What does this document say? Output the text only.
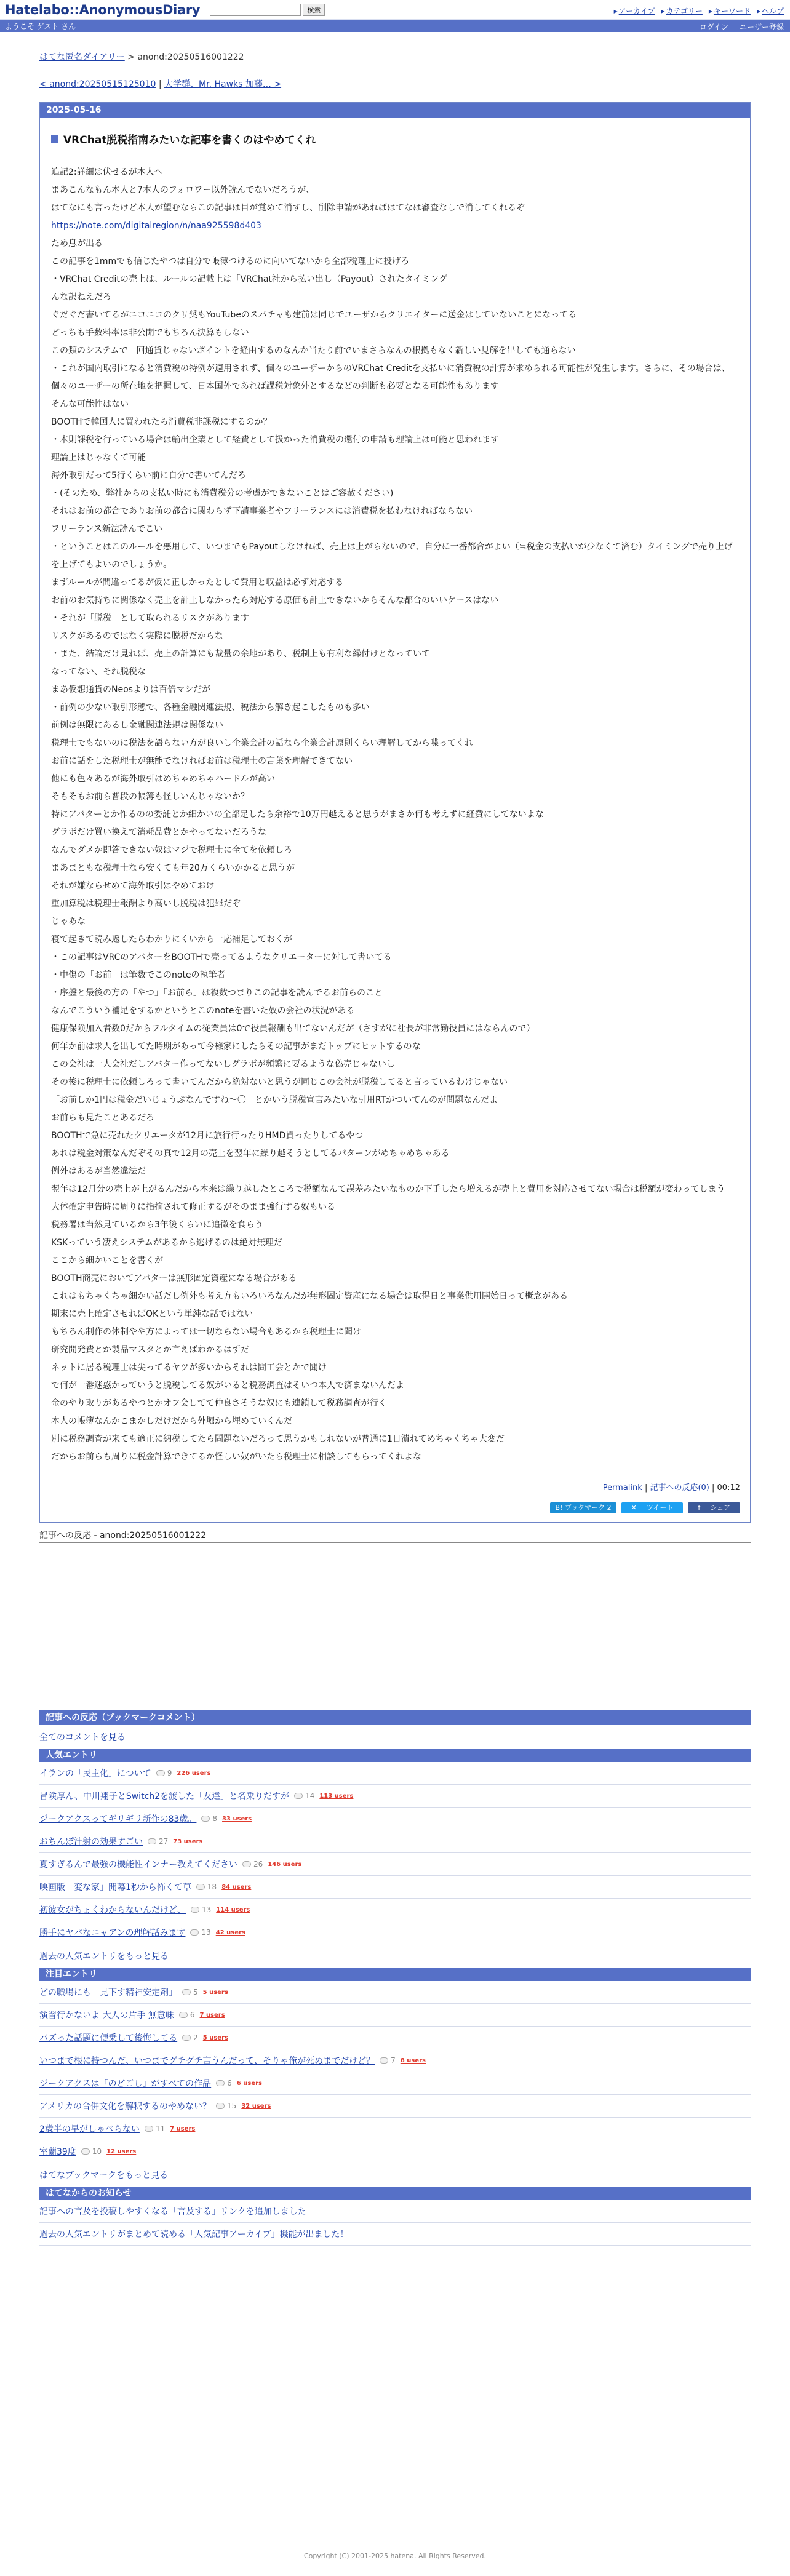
Hatelabo::AnonymousDiary	検索	▸ アーカイブ ▸ カテゴリー ▸ キーワード ▸ ヘルプ
ようこそ ゲスト さん	ログイン ユーザー登録
はてな匿名ダイアリー > anond:20250516001222
< anond:20250515125010 | 大学群、Mr. Hawks 加藤… >
2025-05-16
VRChat脱税指南みたいな記事を書くのはやめてくれ

追記2:詳細は伏せるが本人へ

まあこんなもん本人と7本人のフォロワー以外読んでないだろうが、

はてなにも言ったけど本人が望むならこの記事は目が覚めて消すし、削除申請があればはてなは審査なしで消してくれるぞ

https://note.com/digitalregion/n/naa925598d403

ため息が出る

この記事を1mmでも信じたやつは自分で帳簿つけるのに向いてないから全部税理士に投げろ

・VRChat Creditの売上は、ルールの記載上は「VRChat社から払い出し（Payout）されたタイミング」

んな訳ねえだろ

ぐだぐだ書いてるがニコニコのクリ奨もYouTubeのスパチャも建前は同じでユーザからクリエイターに送金はしていないことになってる

どっちも手数料率は非公開でもちろん決算もしない

この類のシステムで一回通貨じゃないポイントを経由するのなんか当たり前でいまさらなんの根拠もなく新しい見解を出しても通らない

・これが国内取引になると消費税の特例が適用されず、個々のユーザーからのVRChat Creditを支払いに消費税の計算が求められる可能性が発生します。さらに、その場合は、個々のユーザーの所在地を把握して、日本国外であれば課税対象外とするなどの判断も必要となる可能性もあります

そんな可能性はない

BOOTHで韓国人に買われたら消費税非課税にするのか？

・本則課税を行っている場合は輸出企業として経費として扱かった消費税の還付の申請も理論上は可能と思われます

理論上はじゃなくて可能

海外取引だって5行くらい前に自分で書いてんだろ

・(そのため、弊社からの支払い時にも消費税分の考慮ができないことはご容赦ください)

それはお前の都合でありお前の都合に関わらず下請事業者やフリーランスには消費税を払わなければならない

フリーランス新法読んでこい

・ということはこのルールを悪用して、いつまでもPayoutしなければ、売上は上がらないので、自分に一番都合がよい（≒税金の支払いが少なくて済む）タイミングで売り上げを上げてもよいのでしょうか。

まずルールが間違ってるが仮に正しかったとして費用と収益は必ず対応する

お前のお気持ちに関係なく売上を計上しなかったら対応する原価も計上できないからそんな都合のいいケースはない

・それが「脱税」として取られるリスクがあります

リスクがあるのではなく実際に脱税だからな

・また、結論だけ見れば、売上の計算にも裁量の余地があり、税制上も有利な繰付けとなっていて

なってない、それ脱税な

まあ仮想通貨のNeosよりは百倍マシだが

・前例の少ない取引形態で、各種金融関連法規、税法から解き起こしたものも多い

前例は無限にあるし金融関連法規は関係ない

税理士でもないのに税法を語らない方が良いし企業会計の話なら企業会計原則くらい理解してから喋ってくれ

お前に話をした税理士が無能でなければお前は税理士の言葉を理解できてない

他にも色々あるが海外取引はめちゃめちゃハードルが高い

そもそもお前ら普段の帳簿も怪しいんじゃないか？

特にアバターとか作るのの委託とか細かいの全部足したら余裕で10万円越えると思うがまさか何も考えずに経費にしてないよな

グラボだけ買い換えて消耗品費とかやってないだろうな

なんでダメか即答できない奴はマジで税理士に全てを依頼しろ

まあまともな税理士なら安くても年20万くらいかかると思うが

それが嫌ならせめて海外取引はやめておけ

重加算税は税理士報酬より高いし脱税は犯罪だぞ

じゃあな

寝て起きて読み返したらわかりにくいから一応補足しておくが

・この記事はVRCのアバターをBOOTHで売ってるようなクリエーターに対して書いてる

・中傷の「お前」は筆数でこのnoteの執筆者

・序盤と最後の方の「やつ」「お前ら」は複数つまりこの記事を読んでるお前らのこと

なんでこういう補足をするかというとこのnoteを書いた奴の会社の状況がある

健康保険加入者数0だからフルタイムの従業員は0で役員報酬も出てないんだが（さすがに社長が非常勤役員にはならんので）

何年か前は求人を出してた時期があって今様家にしたらその記事がまだトップにヒットするのな

この会社は一人会社だしアバター作ってないしグラボが頻繁に要るような偽売じゃないし

その後に税理士に依頼しろって書いてんだから絶対ないと思うが同じこの会社が脱税してると言っているわけじゃない

「お前しか1円は税金だいじょうぶなんですね〜〇」とかいう脱税宣言みたいな引用RTがついてんのが問題なんだよ

お前らも見たことあるだろ

BOOTHで急に売れたクリエータが12月に旅行行ったりHMD買ったりしてるやつ

あれは税金対策なんだぞその真で12月の売上を翌年に繰り越そうとしてるパターンがめちゃめちゃある

例外はあるが当然違法だ

翌年は12月分の売上が上がるんだから本来は繰り越したところで税額なんて誤差みたいなものか下手したら増えるが売上と費用を対応させてない場合は税額が変わってしまう

大体確定申告時に周りに指摘されて修正するがそのまま強行する奴もいる

税務署は当然見ているから3年後くらいに追徴を食らう

KSKっていう凄えシステムがあるから逃げるのは絶対無理だ

ここから細かいことを書くが

BOOTH商売においてアバターは無形固定資産になる場合がある

これはもちゃくちゃ細かい話だし例外も考え方もいろいろなんだが無形固定資産になる場合は取得日と事業供用開始日って概念がある

期末に売上確定させればOKという単純な話ではない

もちろん制作の体制やや方によっては一切ならない場合もあるから税理士に聞け

研究開発費とか製品マスタとか言えばわかるはずだ

ネットに居る税理士は尖ってるヤツが多いからそれは問工会とかで聞け

で何が一番迷惑かっていうと脱税してる奴がいると税務調査はそいつ本人で済まないんだよ

金のやり取りがあるやつとかオフ会してて仲良さそうな奴にも連鎖して税務調査が行く

本人の帳簿なんかこまかしだけだから外堀から埋めていくんだ

別に税務調査が来ても適正に納税してたら問題ないだろって思うかもしれないが普通に1日潰れてめちゃくちゃ大変だ

だからお前らも周りに税金計算できてるか怪しい奴がいたら税理士に相談してもらってくれよな

Permalink | 記事への反応(0) | 00:12
B! ブックマーク 2	✕ツイート	fシェア
記事への反応 - anond:20250516001222
記事への反応（ブックマークコメント）
全てのコメントを見る
人気エントリ
イランの「民主化」について 9 226 users
冒険厚ん、中川翔子とSwitch2を渡した「友達」と名乗りだすが 14 113 users
ジークアクスってギリギリ新作の83歳。 8 33 users
おちんぽ汁射の効果すごい 27 73 users
夏すぎるんで最強の機能性インナー教えてください 26 146 users
映画版「変な家」開幕1秒から怖くて草 18 84 users
初彼女がちょくわからないんだけど、 13 114 users
勝手にヤバなニャアンの理解話みます 13 42 users
過去の人気エントリをもっと見る
注目エントリ
どの職場にも「見下す精神安定剤」 5 5 users
演習行かないよ 大人の片手 無意味 6 7 users
バズった話題に便乗して後悔してる 2 5 users
いつまで根に持つんだ、いつまでグチグチ言うんだって、そりゃ俺が死ぬまでだけど？ 7 8 users
ジークアクスは「のどごし」がすべての作品 6 6 users
アメリカの合併文化を解釈するのやめない？ 15 32 users
2歳半の早がしゃべらない 11 7 users
室蘭39度 10 12 users
はてなブックマークをもっと見る
はてなからのお知らせ
記事への言及を投稿しやすくなる「言及する」リンクを追加しました
過去の人気エントリがまとめて読める「人気記事アーカイブ」機能が出ました！
Copyright (C) 2001-2025 hatena. All Rights Reserved.
